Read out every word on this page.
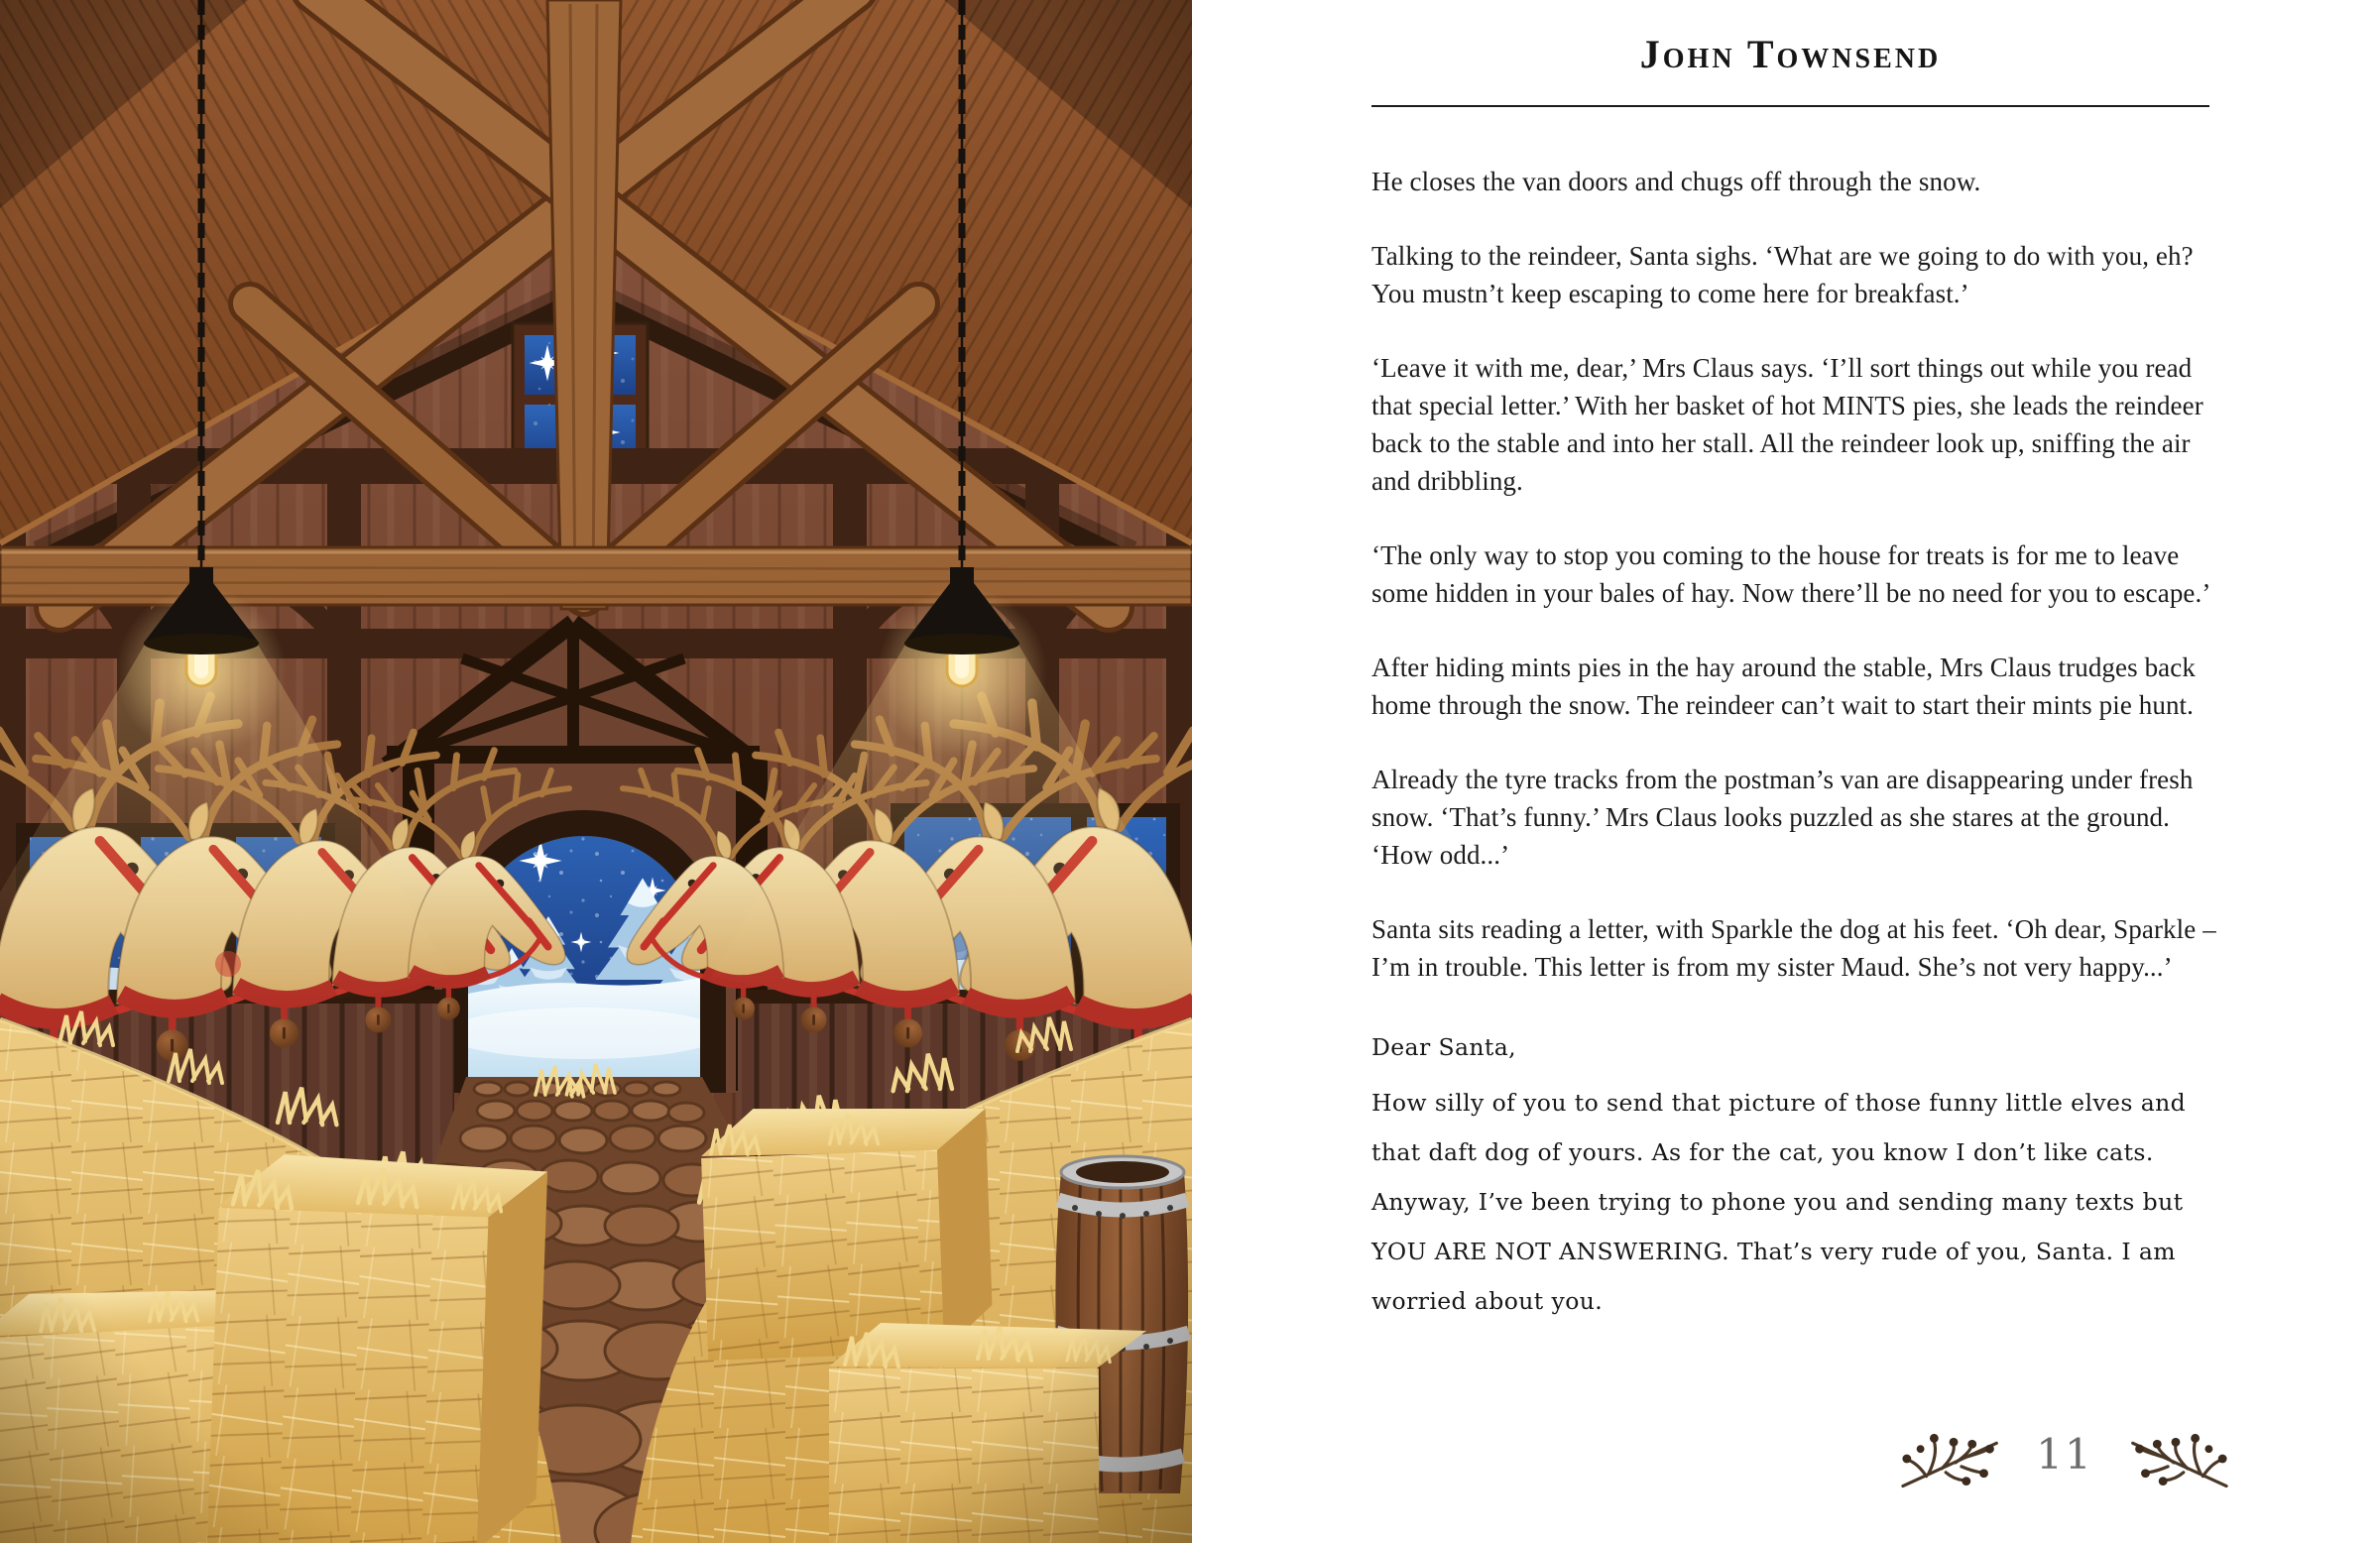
John Townsend

He closes the van doors and chugs off through the snow.

Talking to the reindeer, Santa sighs. ‘What are we going to do with you, eh? You mustn’t keep escaping to come here for breakfast.’

‘Leave it with me, dear,’ Mrs Claus says. ‘I’ll sort things out while you read that special letter.’ With her basket of hot MINTS pies, she leads the reindeer back to the stable and into her stall. All the reindeer look up, sniffing the air and dribbling.

‘The only way to stop you coming to the house for treats is for me to leave some hidden in your bales of hay. Now there’ll be no need for you to escape.’

After hiding mints pies in the hay around the stable, Mrs Claus trudges back home through the snow. The reindeer can’t wait to start their mints pie hunt.

Already the tyre tracks from the postman’s van are disappearing under fresh snow. ‘That’s funny.’ Mrs Claus looks puzzled as she stares at the ground. ‘How odd...’

Santa sits reading a letter, with Sparkle the dog at his feet. ‘Oh dear, Sparkle – I’m in trouble. This letter is from my sister Maud. She’s not very happy...’

Dear Santa,

How silly of you to send that picture of those funny little elves and that daft dog of yours. As for the cat, you know I don’t like cats. Anyway, I’ve been trying to phone you and sending many texts but YOU ARE NOT ANSWERING. That’s very rude of you, Santa. I am worried about you.

11
